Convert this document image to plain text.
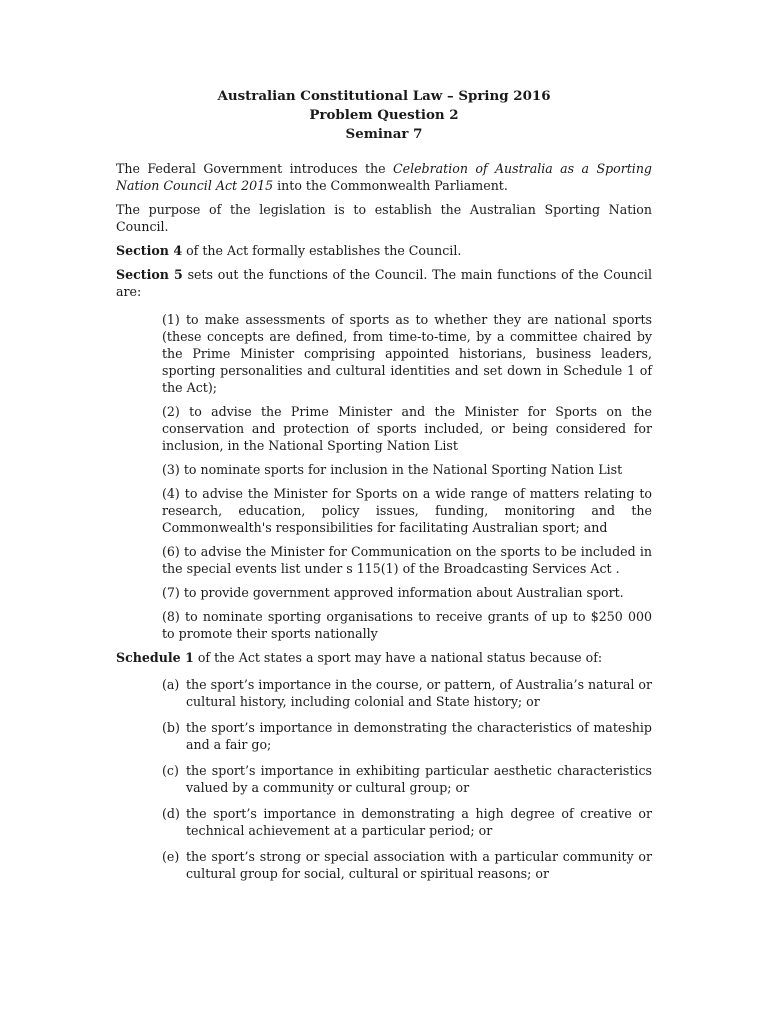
Australian Constitutional Law – Spring 2016
Problem Question 2
Seminar 7

The Federal Government introduces the Celebration of Australia as a Sporting Nation Council Act 2015 into the Commonwealth Parliament.

The purpose of the legislation is to establish the Australian Sporting Nation Council.

Section 4 of the Act formally establishes the Council.

Section 5 sets out the functions of the Council. The main functions of the Council are:

(1) to make assessments of sports as to whether they are national sports (these concepts are defined, from time-to-time, by a committee chaired by the Prime Minister comprising appointed historians, business leaders, sporting personalities and cultural identities and set down in Schedule 1 of the Act);

(2) to advise the Prime Minister and the Minister for Sports on the conservation and protection of sports included, or being considered for inclusion, in the National Sporting Nation List

(3) to nominate sports for inclusion in the National Sporting Nation List

(4) to advise the Minister for Sports on a wide range of matters relating to research, education, policy issues, funding, monitoring and the Commonwealth's responsibilities for facilitating Australian sport; and

(6) to advise the Minister for Communication on the sports to be included in the special events list under s 115(1) of the Broadcasting Services Act .

(7) to provide government approved information about Australian sport.

(8) to nominate sporting organisations to receive grants of up to $250 000 to promote their sports nationally

Schedule 1 of the Act states a sport may have a national status because of:

(a) the sport’s importance in the course, or pattern, of Australia’s natural or cultural history, including colonial and State history; or
(b) the sport’s importance in demonstrating the characteristics of mateship and a fair go;
(c) the sport’s importance in exhibiting particular aesthetic characteristics valued by a community or cultural group; or
(d) the sport’s importance in demonstrating a high degree of creative or technical achievement at a particular period; or
(e) the sport’s strong or special association with a particular community or cultural group for social, cultural or spiritual reasons; or
